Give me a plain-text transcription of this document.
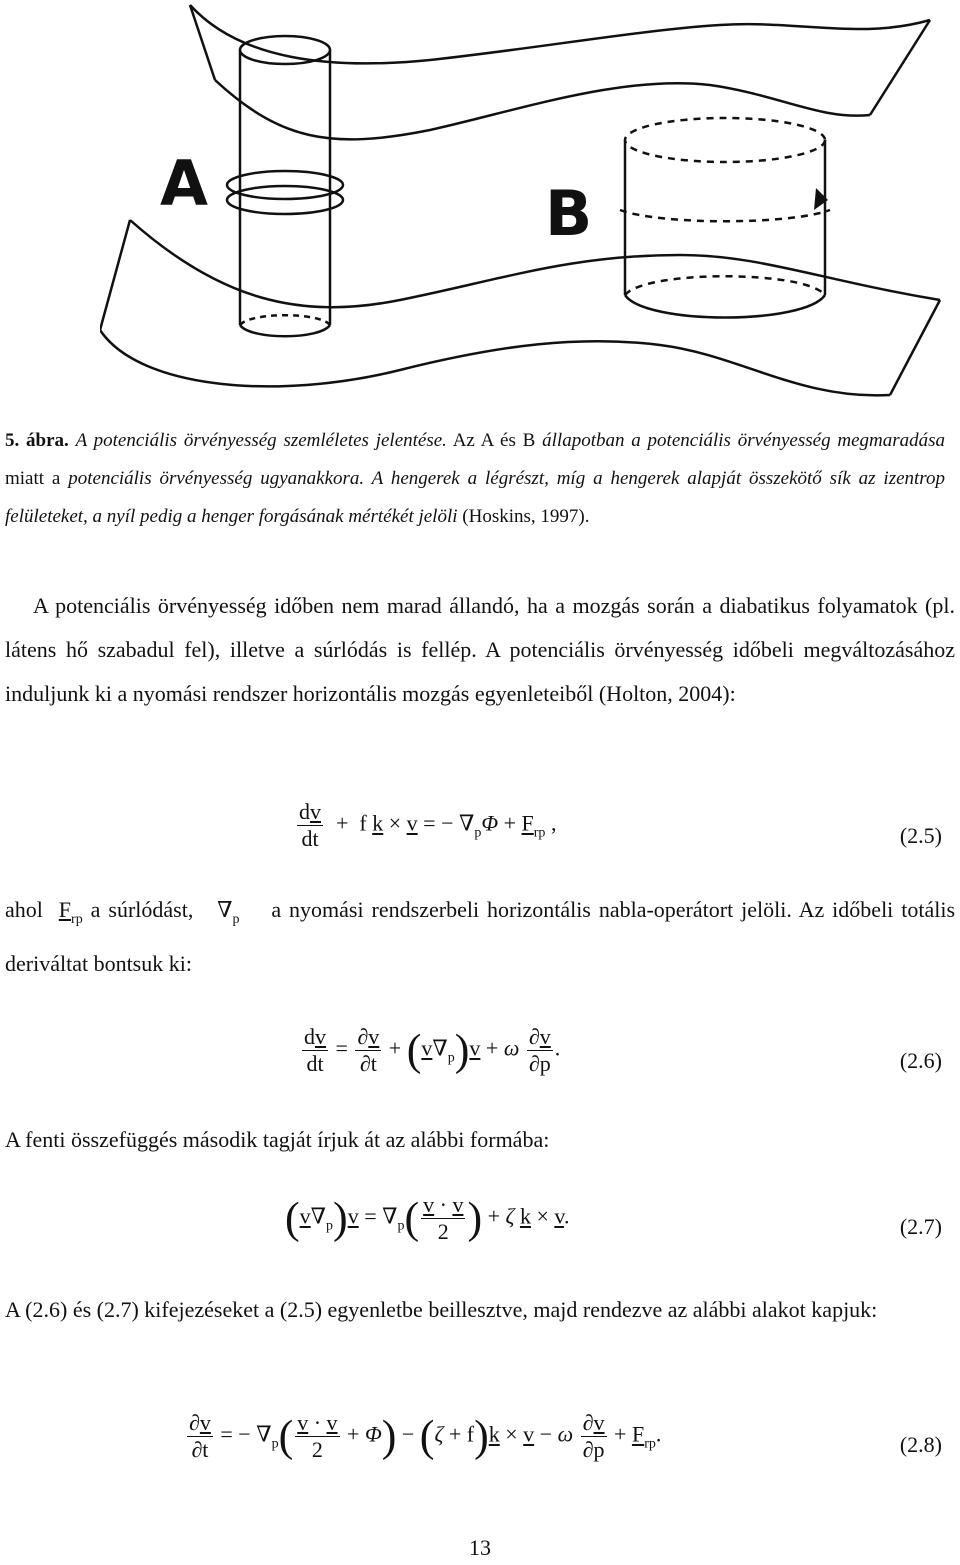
A	B
5. ábra. A potenciális örvényesség szemléletes jelentése. Az A és B állapotban a potenciális örvényesség megmaradása miatt a potenciális örvényesség ugyanakkora. A hengerek a légrészt, míg a hengerek alapját összekötő sík az izentrop felületeket, a nyíl pedig a henger forgásának mértékét jelöli (Hoskins, 1997).
A potenciális örvényesség időben nem marad állandó, ha a mozgás során a diabatikus folyamatok (pl. látens hő szabadul fel), illetve a súrlódás is fellép. A potenciális örvényesség időbeli megváltozásához induljunk ki a nyomási rendszer horizontális mozgás egyenleteiből (Holton, 2004):
$\frac{dv}{dt} + f$ k × v = − $\nabla_p\Phi + F_{rp}$ ,	(2.5)
ahol $F_{rp}$ a súrlódást,   $\nabla_p$ a nyomási rendszerbeli horizontális nabla-operátort jelöli. Az időbeli totális deriváltat bontsuk ki:
$\frac{dv}{dt} = \frac{\partial v}{\partial t} + (v\nabla_p)v + \omega \frac{\partial v}{\partial p}$ .	(2.6)
A fenti összefüggés második tagját írjuk át az alábbi formába:
$(v\nabla_p)v = \nabla_p( \frac{v \cdot v}{2}$ ) + ζ k × v.	(2.7)
A (2.6) és (2.7) kifejezéseket a (2.5) egyenletbe beillesztve, majd rendezve az alábbi alakot kapjuk:
$\frac{\partial v}{\partial t}$ = − $\nabla_p( \frac{v \cdot v}{2} + \Phi) - (\zeta + f)k \times v - \omega \frac{\partial v}{\partial p} + F_{rp}$.	(2.8)
13
